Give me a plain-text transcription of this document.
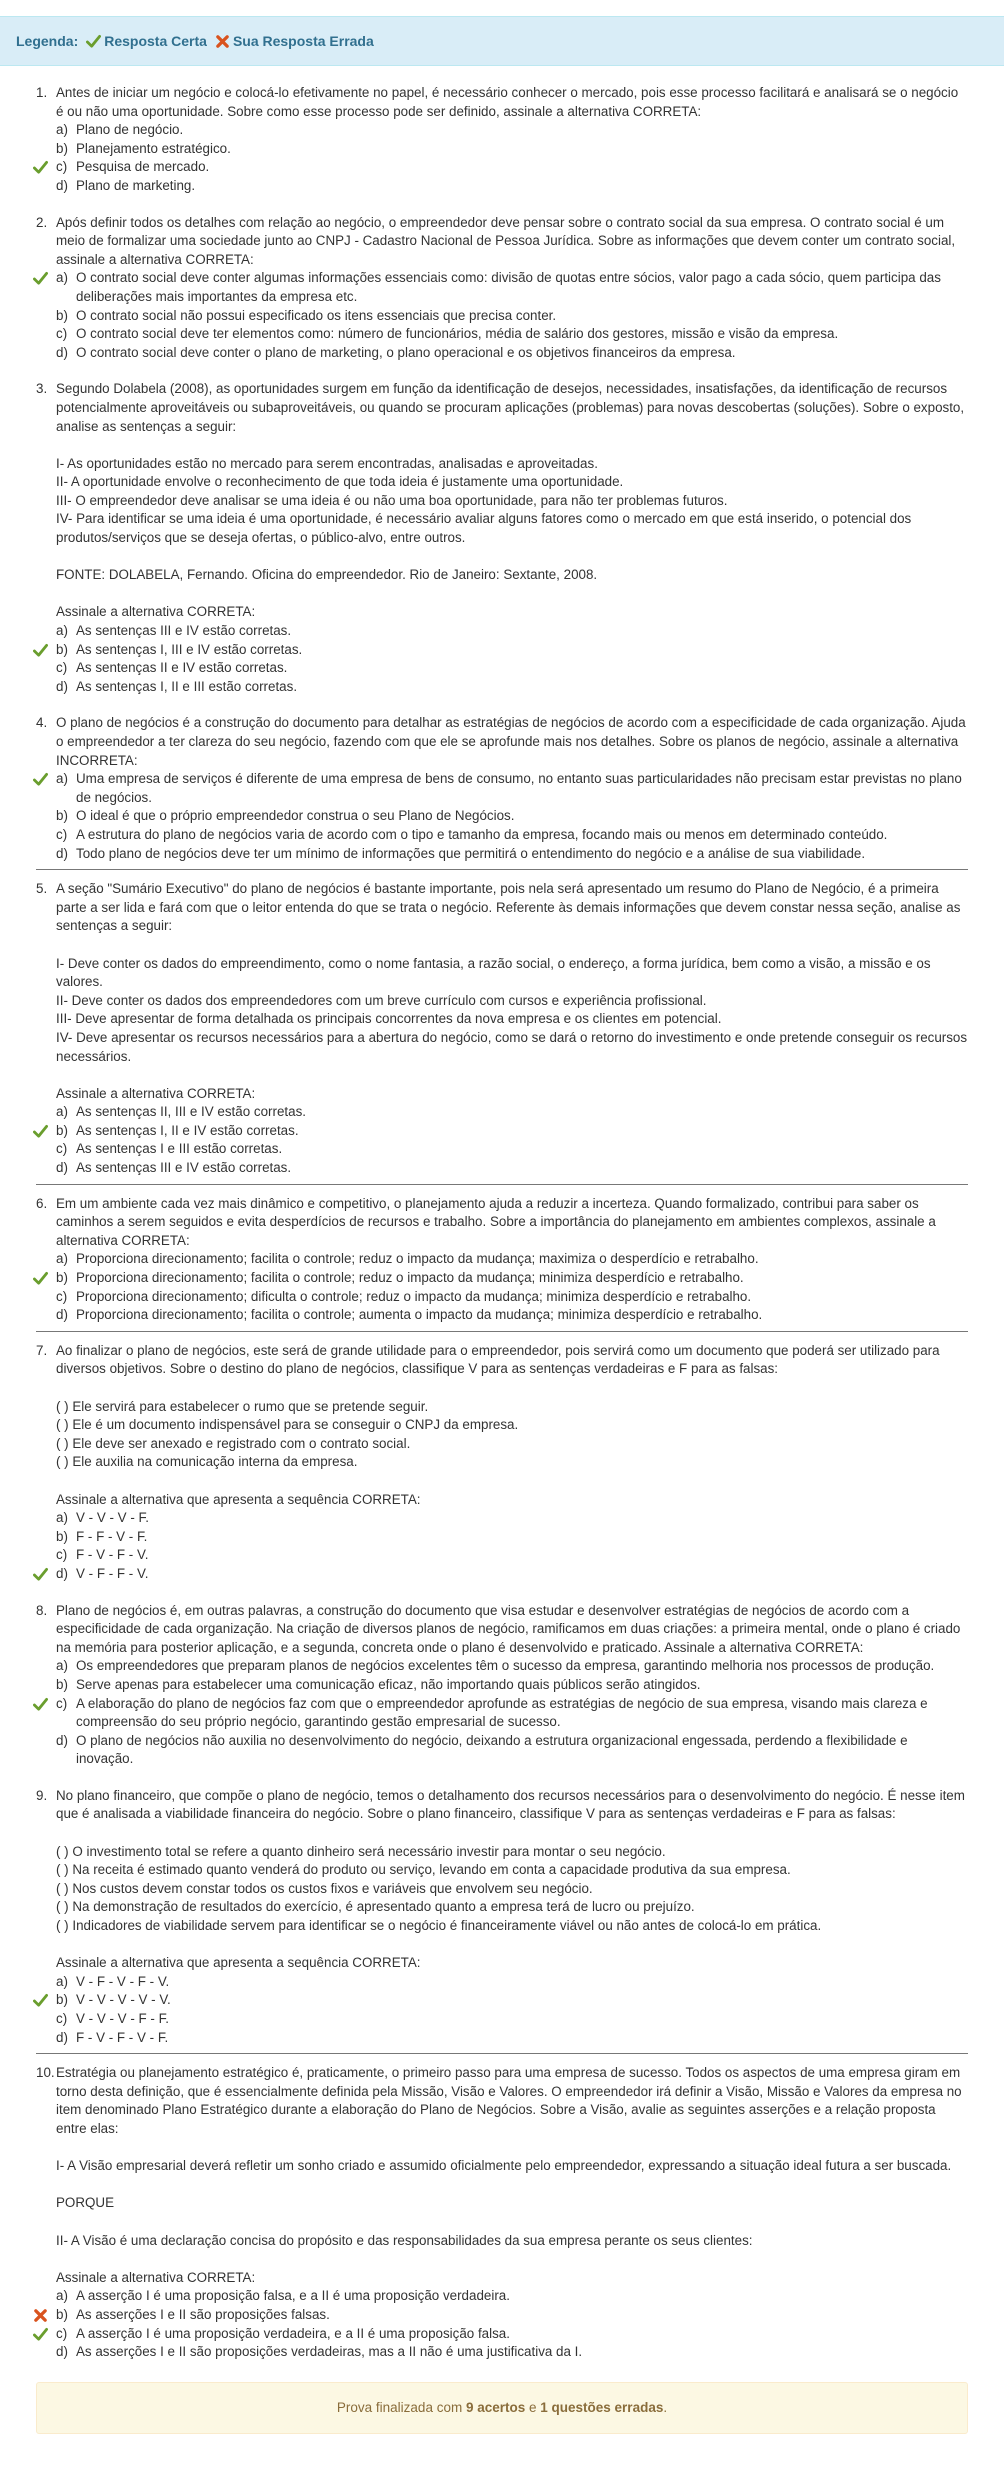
Legenda: Resposta Certa Sua Resposta Errada
1. Antes de iniciar um negócio e colocá-lo efetivamente no papel, é necessário conhecer o mercado, pois esse processo facilitará e analisará se o negócio é ou não uma oportunidade. Sobre como esse processo pode ser definido, assinale a alternativa CORRETA:

a) Plano de negócio.
b) Planejamento estratégico.
c) Pesquisa de mercado.
d) Plano de marketing.
2. Após definir todos os detalhes com relação ao negócio, o empreendedor deve pensar sobre o contrato social da sua empresa. O contrato social é um meio de formalizar uma sociedade junto ao CNPJ - Cadastro Nacional de Pessoa Jurídica. Sobre as informações que devem conter um contrato social, assinale a alternativa CORRETA:

a) O contrato social deve conter algumas informações essenciais como: divisão de quotas entre sócios, valor pago a cada sócio, quem participa das deliberações mais importantes da empresa etc.
b) O contrato social não possui especificado os itens essenciais que precisa conter.
c) O contrato social deve ter elementos como: número de funcionários, média de salário dos gestores, missão e visão da empresa.
d) O contrato social deve conter o plano de marketing, o plano operacional e os objetivos financeiros da empresa.
3. Segundo Dolabela (2008), as oportunidades surgem em função da identificação de desejos, necessidades, insatisfações, da identificação de recursos potencialmente aproveitáveis ou subaproveitáveis, ou quando se procuram aplicações (problemas) para novas descobertas (soluções). Sobre o exposto, analise as sentenças a seguir:

I- As oportunidades estão no mercado para serem encontradas, analisadas e aproveitadas.

II- A oportunidade envolve o reconhecimento de que toda ideia é justamente uma oportunidade.

III- O empreendedor deve analisar se uma ideia é ou não uma boa oportunidade, para não ter problemas futuros.

IV- Para identificar se uma ideia é uma oportunidade, é necessário avaliar alguns fatores como o mercado em que está inserido, o potencial dos produtos/serviços que se deseja ofertas, o público-alvo, entre outros.

FONTE: DOLABELA, Fernando. Oficina do empreendedor. Rio de Janeiro: Sextante, 2008.

Assinale a alternativa CORRETA:

a) As sentenças III e IV estão corretas.
b) As sentenças I, III e IV estão corretas.
c) As sentenças II e IV estão corretas.
d) As sentenças I, II e III estão corretas.
4. O plano de negócios é a construção do documento para detalhar as estratégias de negócios de acordo com a especificidade de cada organização. Ajuda o empreendedor a ter clareza do seu negócio, fazendo com que ele se aprofunde mais nos detalhes. Sobre os planos de negócio, assinale a alternativa INCORRETA:

a) Uma empresa de serviços é diferente de uma empresa de bens de consumo, no entanto suas particularidades não precisam estar previstas no plano de negócios.
b) O ideal é que o próprio empreendedor construa o seu Plano de Negócios.
c) A estrutura do plano de negócios varia de acordo com o tipo e tamanho da empresa, focando mais ou menos em determinado conteúdo.
d) Todo plano de negócios deve ter um mínimo de informações que permitirá o entendimento do negócio e a análise de sua viabilidade.
5. A seção "Sumário Executivo" do plano de negócios é bastante importante, pois nela será apresentado um resumo do Plano de Negócio, é a primeira parte a ser lida e fará com que o leitor entenda do que se trata o negócio. Referente às demais informações que devem constar nessa seção, analise as sentenças a seguir:

I- Deve conter os dados do empreendimento, como o nome fantasia, a razão social, o endereço, a forma jurídica, bem como a visão, a missão e os valores.

II- Deve conter os dados dos empreendedores com um breve currículo com cursos e experiência profissional.

III- Deve apresentar de forma detalhada os principais concorrentes da nova empresa e os clientes em potencial.

IV- Deve apresentar os recursos necessários para a abertura do negócio, como se dará o retorno do investimento e onde pretende conseguir os recursos necessários.

Assinale a alternativa CORRETA:

a) As sentenças II, III e IV estão corretas.
b) As sentenças I, II e IV estão corretas.
c) As sentenças I e III estão corretas.
d) As sentenças III e IV estão corretas.
6. Em um ambiente cada vez mais dinâmico e competitivo, o planejamento ajuda a reduzir a incerteza. Quando formalizado, contribui para saber os caminhos a serem seguidos e evita desperdícios de recursos e trabalho. Sobre a importância do planejamento em ambientes complexos, assinale a alternativa CORRETA:

a) Proporciona direcionamento; facilita o controle; reduz o impacto da mudança; maximiza o desperdício e retrabalho.
b) Proporciona direcionamento; facilita o controle; reduz o impacto da mudança; minimiza desperdício e retrabalho.
c) Proporciona direcionamento; dificulta o controle; reduz o impacto da mudança; minimiza desperdício e retrabalho.
d) Proporciona direcionamento; facilita o controle; aumenta o impacto da mudança; minimiza desperdício e retrabalho.
7. Ao finalizar o plano de negócios, este será de grande utilidade para o empreendedor, pois servirá como um documento que poderá ser utilizado para diversos objetivos. Sobre o destino do plano de negócios, classifique V para as sentenças verdadeiras e F para as falsas:

( ) Ele servirá para estabelecer o rumo que se pretende seguir.

( ) Ele é um documento indispensável para se conseguir o CNPJ da empresa.

( ) Ele deve ser anexado e registrado com o contrato social.

( ) Ele auxilia na comunicação interna da empresa.

Assinale a alternativa que apresenta a sequência CORRETA:

a) V - V - V - F.
b) F - F - V - F.
c) F - V - F - V.
d) V - F - F - V.
8. Plano de negócios é, em outras palavras, a construção do documento que visa estudar e desenvolver estratégias de negócios de acordo com a especificidade de cada organização. Na criação de diversos planos de negócio, ramificamos em duas criações: a primeira mental, onde o plano é criado na memória para posterior aplicação, e a segunda, concreta onde o plano é desenvolvido e praticado. Assinale a alternativa CORRETA:

a) Os empreendedores que preparam planos de negócios excelentes têm o sucesso da empresa, garantindo melhoria nos processos de produção.
b) Serve apenas para estabelecer uma comunicação eficaz, não importando quais públicos serão atingidos.
c) A elaboração do plano de negócios faz com que o empreendedor aprofunde as estratégias de negócio de sua empresa, visando mais clareza e compreensão do seu próprio negócio, garantindo gestão empresarial de sucesso.
d) O plano de negócios não auxilia no desenvolvimento do negócio, deixando a estrutura organizacional engessada, perdendo a flexibilidade e inovação.
9. No plano financeiro, que compõe o plano de negócio, temos o detalhamento dos recursos necessários para o desenvolvimento do negócio. É nesse item que é analisada a viabilidade financeira do negócio. Sobre o plano financeiro, classifique V para as sentenças verdadeiras e F para as falsas:

( ) O investimento total se refere a quanto dinheiro será necessário investir para montar o seu negócio.

( ) Na receita é estimado quanto venderá do produto ou serviço, levando em conta a capacidade produtiva da sua empresa.

( ) Nos custos devem constar todos os custos fixos e variáveis que envolvem seu negócio.

( ) Na demonstração de resultados do exercício, é apresentado quanto a empresa terá de lucro ou prejuízo.

( ) Indicadores de viabilidade servem para identificar se o negócio é financeiramente viável ou não antes de colocá-lo em prática.

Assinale a alternativa que apresenta a sequência CORRETA:

a) V - F - V - F - V.
b) V - V - V - V - V.
c) V - V - V - F - F.
d) F - V - F - V - F.
10. Estratégia ou planejamento estratégico é, praticamente, o primeiro passo para uma empresa de sucesso. Todos os aspectos de uma empresa giram em torno desta definição, que é essencialmente definida pela Missão, Visão e Valores. O empreendedor irá definir a Visão, Missão e Valores da empresa no item denominado Plano Estratégico durante a elaboração do Plano de Negócios. Sobre a Visão, avalie as seguintes asserções e a relação proposta entre elas:

I- A Visão empresarial deverá refletir um sonho criado e assumido oficialmente pelo empreendedor, expressando a situação ideal futura a ser buscada.

PORQUE

II- A Visão é uma declaração concisa do propósito e das responsabilidades da sua empresa perante os seus clientes:

Assinale a alternativa CORRETA:

a) A asserção I é uma proposição falsa, e a II é uma proposição verdadeira.
b) As asserções I e II são proposições falsas.
c) A asserção I é uma proposição verdadeira, e a II é uma proposição falsa.
d) As asserções I e II são proposições verdadeiras, mas a II não é uma justificativa da I.
Prova finalizada com 9 acertos e 1 questões erradas.
